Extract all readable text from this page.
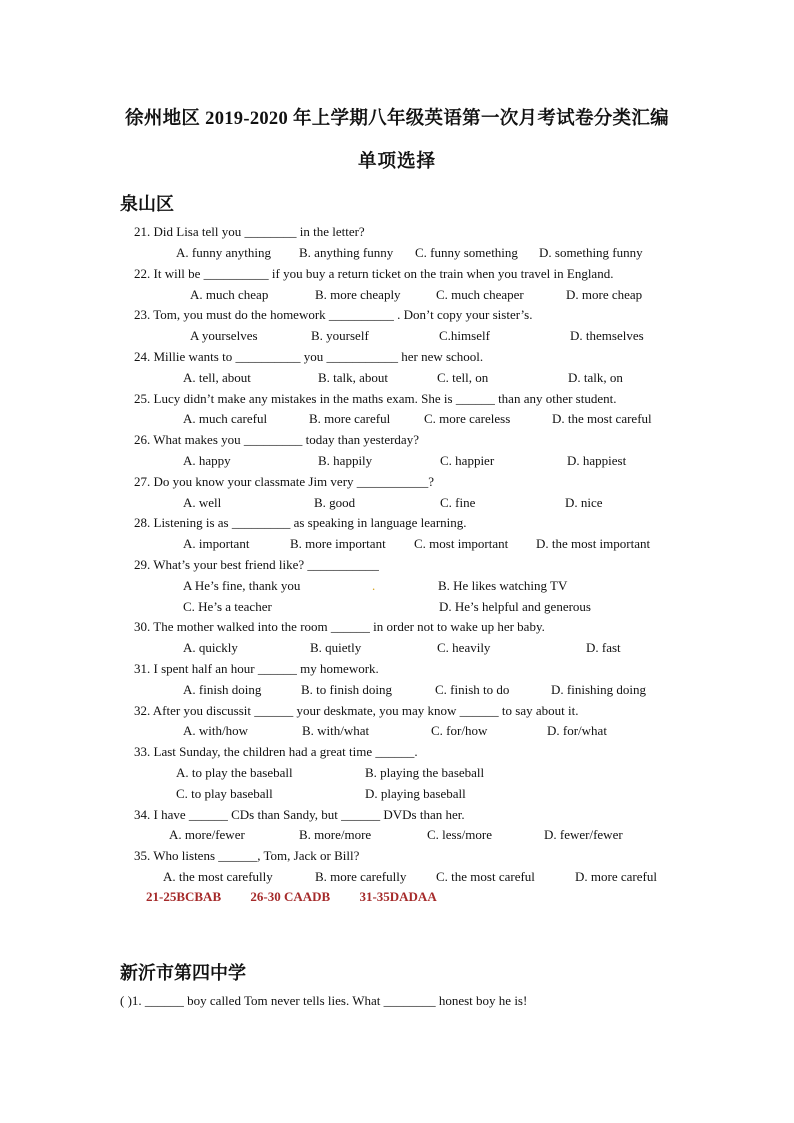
徐州地区 2019-2020 年上学期八年级英语第一次月考试卷分类汇编
单项选择
泉山区
21. Did Lisa tell you ________ in the letter?
A. funny anything B. anything funny C. funny something D. something funny
22. It will be __________ if you buy a return ticket on the train when you travel in England.
A. much cheap	B. more cheaply	C. much cheaper	D. more cheap
23. Tom, you must do the homework __________ . Don’t copy your sister’s.
A yourselves	B. yourself	C.himself	D. themselves
24. Millie wants to __________ you ___________ her new school.
A. tell, about	B. talk, about	C. tell, on	D. talk, on
25. Lucy didn’t make any mistakes in the maths exam. She is ______ than any other student.
A. much careful	B. more careful	C. more careless	D. the most careful
26. What makes you _________ today than yesterday?
A. happy	B. happily	C. happier	D. happiest
27. Do you know your classmate Jim very ___________?
A. well	B. good	C. fine	D. nice
28. Listening is as _________ as speaking in language learning.
A. important	B. more important C. most important D. the most important
29. What’s your best friend like? ___________
A He’s fine, thank you	.	B. He likes watching TV
C. He’s a teacher	D. He’s helpful and generous
30. The mother walked into the room ______ in order not to wake up her baby.
A. quickly	B. quietly	C. heavily	D. fast
31. I spent half an hour ______ my homework.
A. finish doing	B. to finish doing	C. finish to do	D. finishing doing
32. After you discussit ______ your deskmate, you may know ______ to say about it.
A. with/how	B. with/what	C. for/how	D. for/what
33. Last Sunday, the children had a great time ______.
A. to play the baseball	B. playing the baseball
C. to play baseball	D. playing baseball
34. I have ______ CDs than Sandy, but ______ DVDs than her.
A. more/fewer	B. more/more	C. less/more	D. fewer/fewer
35. Who listens ______, Tom, Jack or Bill?
A. the most carefully	B. more carefully C. the most careful	D. more careful
21-25BCBAB 26-30 CAADB 31-35DADAA
新沂市第四中学
( )1. ______ boy called Tom never tells lies. What ________ honest boy he is!
